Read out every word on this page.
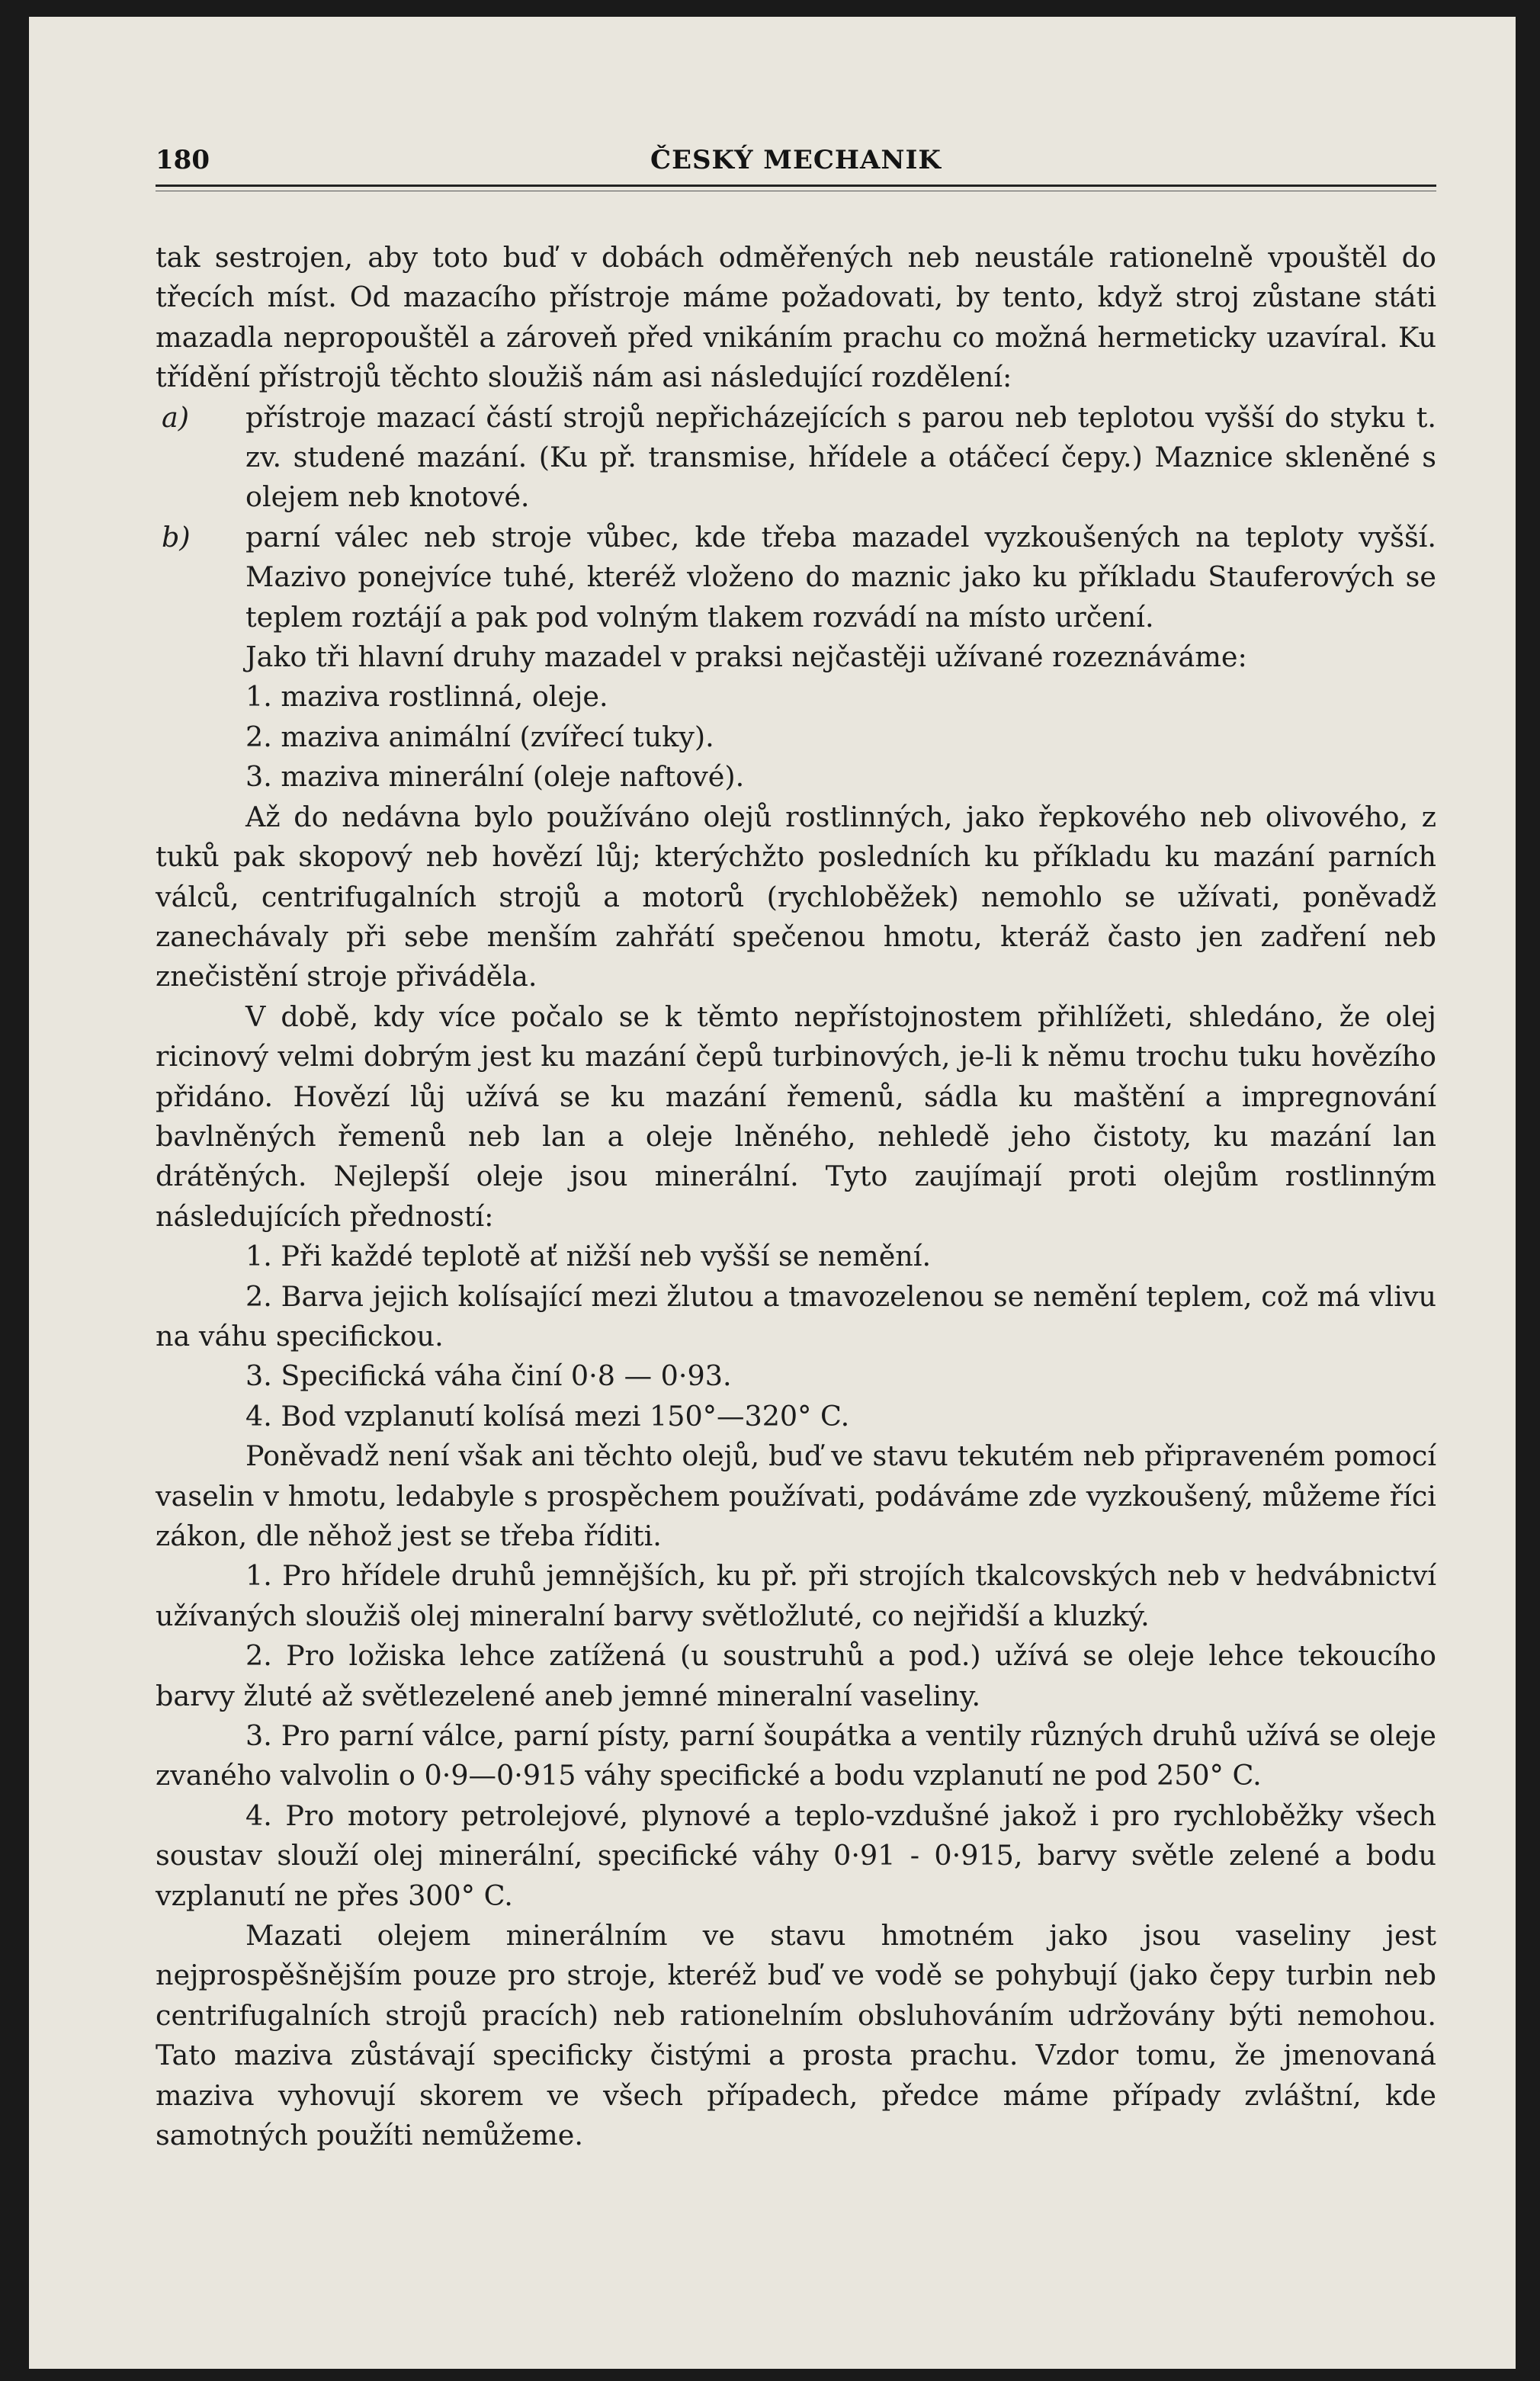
180	ČESKÝ MECHANIK

tak sestrojen, aby toto buď v dobách odměřených neb neustále rationelně vpouštěl do třecích míst. Od mazacího přístroje máme požadovati, by tento, když stroj zůstane státi mazadla nepropouštěl a zároveň před vnikáním prachu co možná hermeticky uzavíral. Ku třídění přístrojů těchto sloužiš nám asi následující rozdělení:

a)	přístroje mazací částí strojů nepřicházejících s parou neb teplotou vyšší do styku t. zv. studené mazání. (Ku př. transmise, hřídele a otáčecí čepy.) Maznice skleněné s olejem neb knotové.
b)	parní válec neb stroje vůbec, kde třeba mazadel vyzkoušených na teploty vyšší. Mazivo ponejvíce tuhé, kteréž vloženo do maznic jako ku příkladu Stauferových se teplem roztájí a pak pod volným tlakem rozvádí na místo určení.

Jako tři hlavní druhy mazadel v praksi nejčastěji užívané rozeznáváme:

1. maziva rostlinná, oleje.

2. maziva animální (zvířecí tuky).

3. maziva minerální (oleje naftové).

Až do nedávna bylo používáno olejů rostlinných, jako řepkového neb olivového, z tuků pak skopový neb hovězí lůj; kterýchžto posledních ku příkladu ku mazání parních válců, centrifugalních strojů a motorů (rychloběžek) nemohlo se užívati, poněvadž zanechávaly při sebe menším zahřátí spečenou hmotu, kteráž často jen zadření neb znečistění stroje přiváděla.

V době, kdy více počalo se k těmto nepřístojnostem přihlížeti, shledáno, že olej ricinový velmi dobrým jest ku mazání čepů turbinových, je-li k němu trochu tuku hovězího přidáno. Hovězí lůj užívá se ku mazání řemenů, sádla ku maštění a impregnování bavlněných řemenů neb lan a oleje lněného, nehledě jeho čistoty, ku mazání lan drátěných. Nejlepší oleje jsou minerální. Tyto zaujímají proti olejům rostlinným následujících předností:

1. Při každé teplotě ať nižší neb vyšší se nemění.

2. Barva jejich kolísající mezi žlutou a tmavozelenou se nemění teplem, což má vlivu na váhu specifickou.

3. Specifická váha činí 0·8 — 0·93.

4. Bod vzplanutí kolísá mezi 150°—320° C.

Poněvadž není však ani těchto olejů, buď ve stavu tekutém neb připraveném pomocí vaselin v hmotu, ledabyle s prospěchem používati, podáváme zde vyzkoušený, můžeme říci zákon, dle něhož jest se třeba říditi.

1. Pro hřídele druhů jemnějších, ku př. při strojích tkalcovských neb v hedvábnictví užívaných sloužiš olej mineralní barvy světložluté, co nejřidší a kluzký.

2. Pro ložiska lehce zatížená (u soustruhů a pod.) užívá se oleje lehce tekoucího barvy žluté až světlezelené aneb jemné mineralní vaseliny.

3. Pro parní válce, parní písty, parní šoupátka a ventily různých druhů užívá se oleje zvaného valvolin o 0·9—0·915 váhy specifické a bodu vzplanutí ne pod 250° C.

4. Pro motory petrolejové, plynové a teplo-vzdušné jakož i pro rychloběžky všech soustav slouží olej minerální, specifické váhy 0·91 - 0·915, barvy světle zelené a bodu vzplanutí ne přes 300° C.

Mazati olejem minerálním ve stavu hmotném jako jsou vaseliny jest nejprospěšnějším pouze pro stroje, kteréž buď ve vodě se pohybují (jako čepy turbin neb centrifugalních strojů pracích) neb rationelním obsluhováním udržovány býti nemohou. Tato maziva zůstávají specificky čistými a prosta prachu. Vzdor tomu, že jmenovaná maziva vyhovují skorem ve všech případech, předce máme případy zvláštní, kde samotných použíti nemůžeme.
